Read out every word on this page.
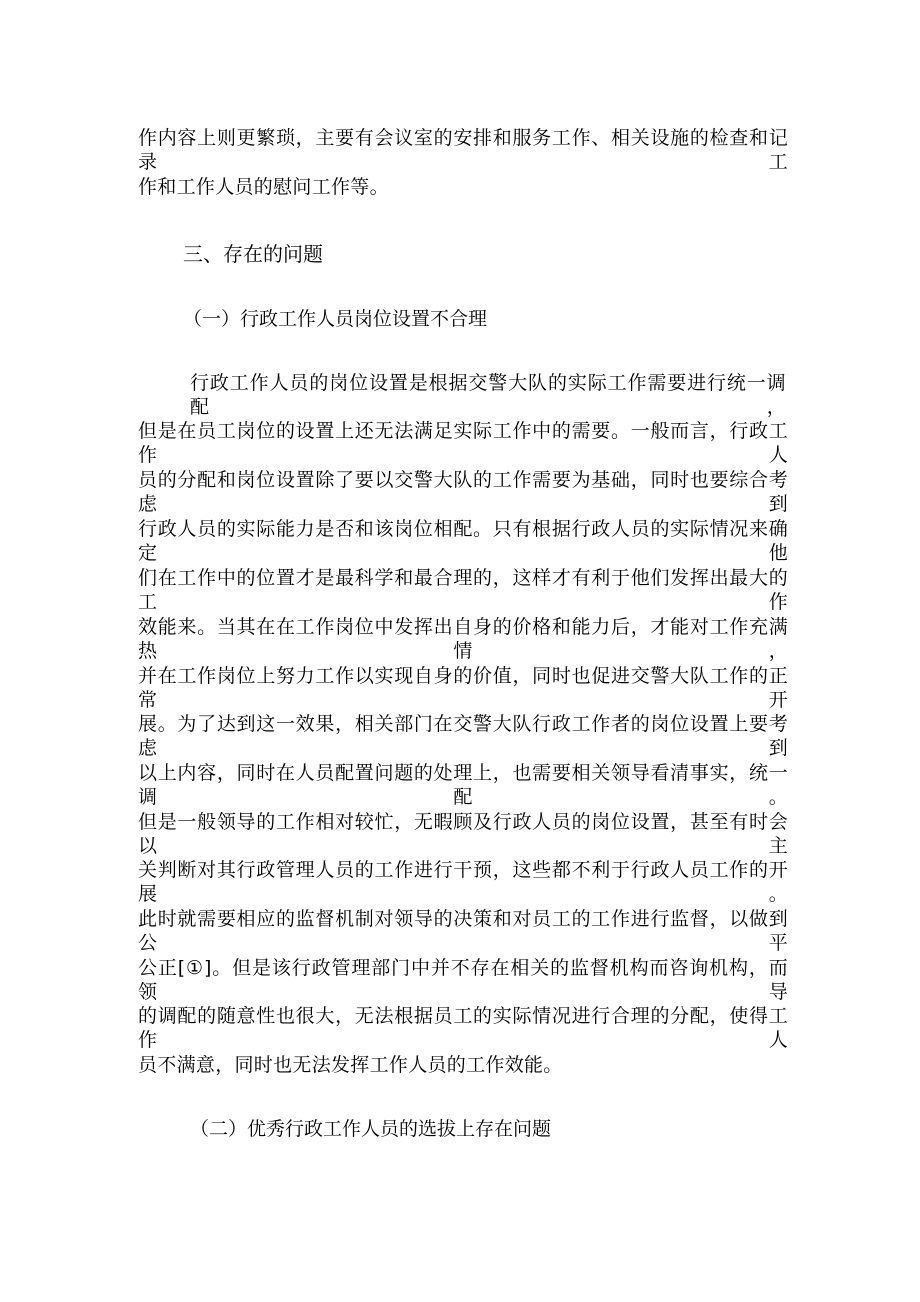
作内容上则更繁琐，主要有会议室的安排和服务工作、相关设施的检查和记录工
作和工作人员的慰问工作等。
三、存在的问题
（一）行政工作人员岗位设置不合理
行政工作人员的岗位设置是根据交警大队的实际工作需要进行统一调配，
但是在员工岗位的设置上还无法满足实际工作中的需要。一般而言，行政工作人
员的分配和岗位设置除了要以交警大队的工作需要为基础，同时也要综合考虑到
行政人员的实际能力是否和该岗位相配。只有根据行政人员的实际情况来确定他
们在工作中的位置才是最科学和最合理的，这样才有利于他们发挥出最大的工作
效能来。当其在在工作岗位中发挥出自身的价格和能力后，才能对工作充满热情，
并在工作岗位上努力工作以实现自身的价值，同时也促进交警大队工作的正常开
展。为了达到这一效果，相关部门在交警大队行政工作者的岗位设置上要考虑到
以上内容，同时在人员配置问题的处理上，也需要相关领导看清事实，统一调配。
但是一般领导的工作相对较忙，无暇顾及行政人员的岗位设置，甚至有时会以主
关判断对其行政管理人员的工作进行干预，这些都不利于行政人员工作的开展。
此时就需要相应的监督机制对领导的决策和对员工的工作进行监督，以做到公平
公正[①]。但是该行政管理部门中并不存在相关的监督机构而咨询机构，而领导
的调配的随意性也很大，无法根据员工的实际情况进行合理的分配，使得工作人
员不满意，同时也无法发挥工作人员的工作效能。
（二）优秀行政工作人员的选拔上存在问题
